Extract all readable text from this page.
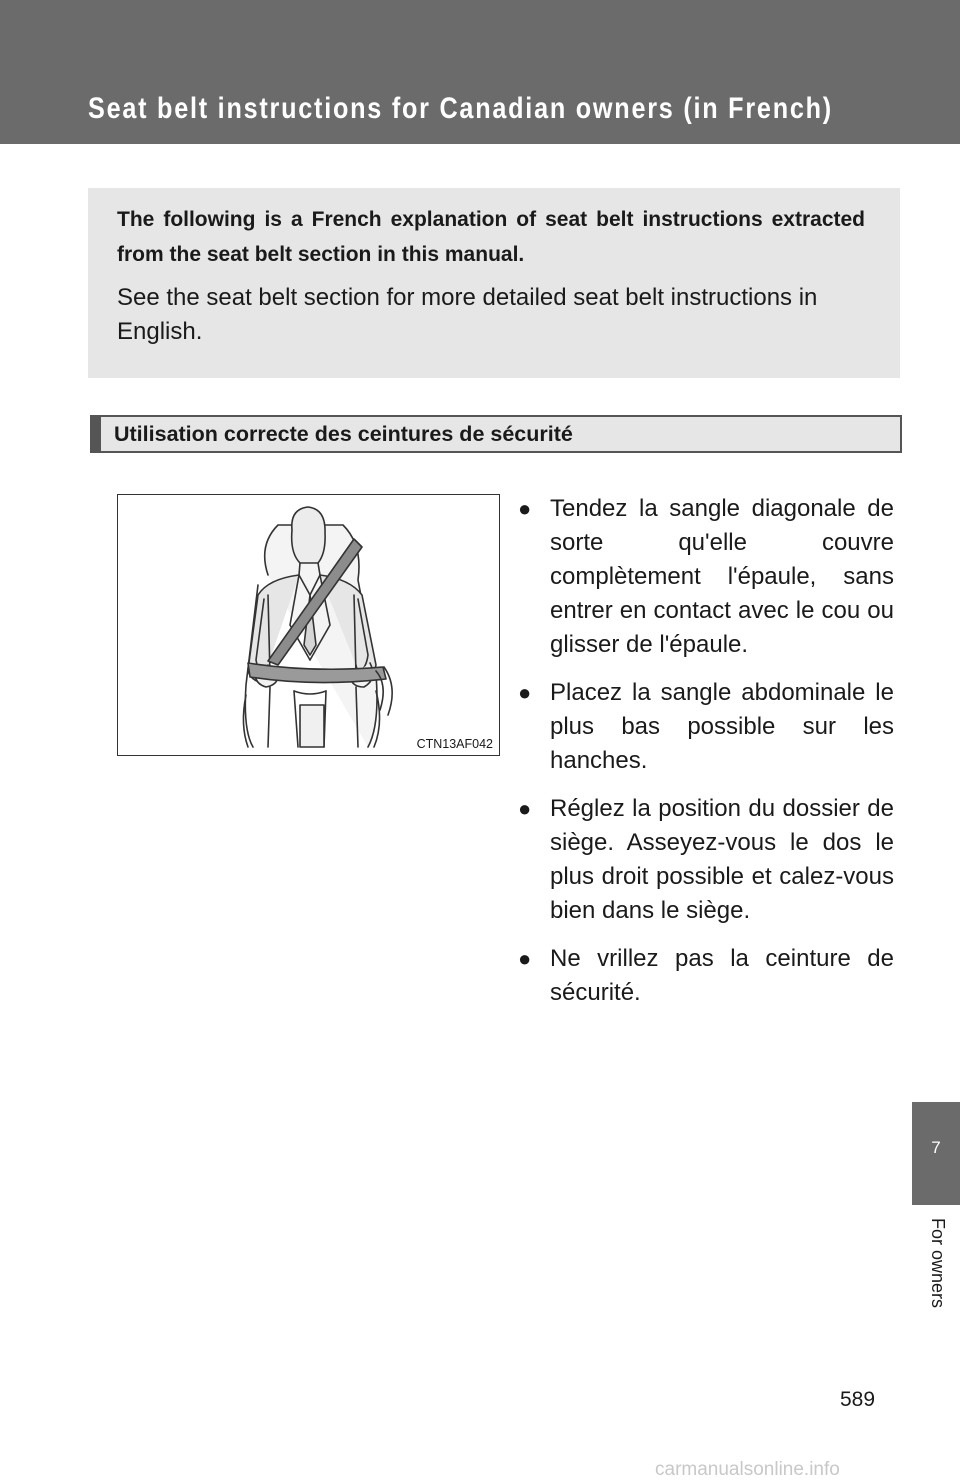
Seat belt instructions for Canadian owners (in French)
The following is a French explanation of seat belt instructions extracted from the seat belt section in this manual.
See the seat belt section for more detailed seat belt instructions in English.
Utilisation correcte des ceintures de sécurité
CTN13AF042
● Tendez la sangle diagonale de sorte qu'elle couvre complètement l'épaule, sans entrer en contact avec le cou ou glisser de l'épaule.
● Placez la sangle abdominale le plus bas possible sur les hanches.
● Réglez la position du dossier de siège. Asseyez-vous le dos le plus droit possible et calez-vous bien dans le siège.
● Ne vrillez pas la ceinture de sécurité.
7
For owners
589
carmanualsonline.info
